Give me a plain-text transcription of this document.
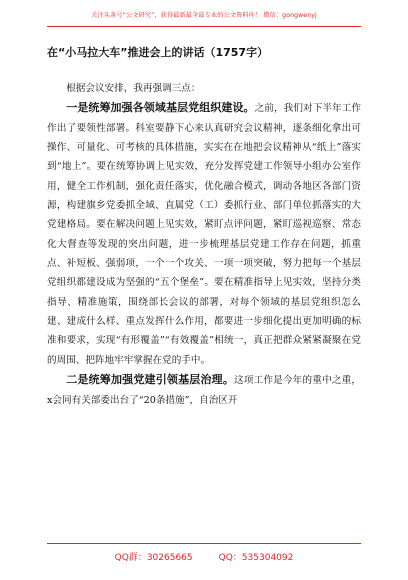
关注头条号“公文研究”，获得最新最全最专业的公文资料库！ 微信：gongwenyj
在“小马拉大车”推进会上的讲话（1757字）

根据会议安排，我再强调三点：

一是统筹加强各领域基层党组织建设。之前，我们对下半年工作作出了要领性部署。科室要静下心来认真研究会议精神，逐条细化拿出可操作、可量化、可考核的具体措施，实实在在地把会议精神从“纸上”落实到“地上”。要在统筹协调上见实效，充分发挥党建工作领导小组办公室作用，健全工作机制，强化责任落实，优化融合模式，调动各地区各部门资源，构建旗乡党委抓全域、直属党（工）委抓行业、部门单位抓落实的大党建格局。要在解决问题上见实效，紧盯点评问题，紧盯巡视巡察、常态化大督查等发现的突出问题，进一步梳理基层党建工作存在问题，抓重点、补短板、强弱项，一个一个攻关、一项一项突破，努力把每一个基层党组织都建设成为坚强的“五个堡垒”。要在精准指导上见实效，坚持分类指导、精准施策，围绕部长会议的部署，对每个领域的基层党组织怎么建、建成什么样、重点发挥什么作用，都要进一步细化提出更加明确的标准和要求，实现“有形覆盖”“有效覆盖”相统一，真正把群众紧紧凝聚在党的周围、把阵地牢牢掌握在党的手中。

二是统筹加强党建引领基层治理。这项工作是今年的重中之重，x会同有关部委出台了“20条措施”，自治区开

QQ群：30265665	QQ：535304092
